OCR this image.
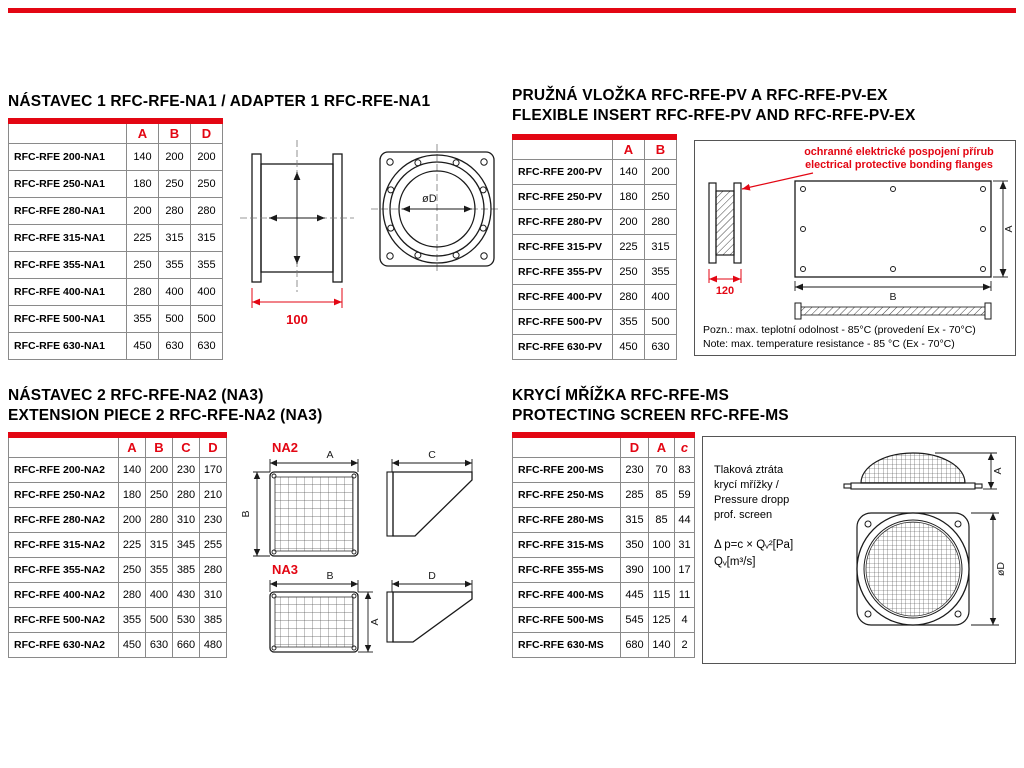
NÁSTAVEC 1 RFC-RFE-NA1 / ADAPTER 1 RFC-RFE-NA1
	A	B	D
RFC-RFE 200-NA1	140	200	200
RFC-RFE 250-NA1	180	250	250
RFC-RFE 280-NA1	200	280	280
RFC-RFE 315-NA1	225	315	315
RFC-RFE 355-NA1	250	355	355
RFC-RFE 400-NA1	280	400	400
RFC-RFE 500-NA1	355	500	500
RFC-RFE 630-NA1	450	630	630
100
øD
PRUŽNÁ VLOŽKA RFC-RFE-PV A RFC-RFE-PV-EX
FLEXIBLE INSERT RFC-RFE-PV AND RFC-RFE-PV-EX
	A	B
RFC-RFE 200-PV	140	200
RFC-RFE 250-PV	180	250
RFC-RFE 280-PV	200	280
RFC-RFE 315-PV	225	315
RFC-RFE 355-PV	250	355
RFC-RFE 400-PV	280	400
RFC-RFE 500-PV	355	500
RFC-RFE 630-PV	450	630
120
A
B
ochranné elektrické pospojení přírub
electrical protective bonding flanges
Pozn.: max. teplotní odolnost - 85°C (provedení Ex - 70°C)
Note: max. temperature resistance - 85 °C (Ex - 70°C)
NÁSTAVEC 2 RFC-RFE-NA2 (NA3)
EXTENSION PIECE 2 RFC-RFE-NA2 (NA3)
	A	B	C	D
RFC-RFE 200-NA2	140	200	230	170
RFC-RFE 250-NA2	180	250	280	210
RFC-RFE 280-NA2	200	280	310	230
RFC-RFE 315-NA2	225	315	345	255
RFC-RFE 355-NA2	250	355	385	280
RFC-RFE 400-NA2	280	400	430	310
RFC-RFE 500-NA2	355	500	530	385
RFC-RFE 630-NA2	450	630	660	480
NA2	A
B
C
NA3	B
A
D
KRYCÍ MŘÍŽKA RFC-RFE-MS
PROTECTING SCREEN RFC-RFE-MS
	D	A	c
RFC-RFE 200-MS	230	70	83
RFC-RFE 250-MS	285	85	59
RFC-RFE 280-MS	315	85	44
RFC-RFE 315-MS	350	100	31
RFC-RFE 355-MS	390	100	17
RFC-RFE 400-MS	445	115	11
RFC-RFE 500-MS	545	125	4
RFC-RFE 630-MS	680	140	2
A
øD
Tlaková ztráta
krycí mřížky /
Pressure dropp
prof. screen
Δ p=c × Qᵥ²[Pa]
Qᵥ[m³/s]
